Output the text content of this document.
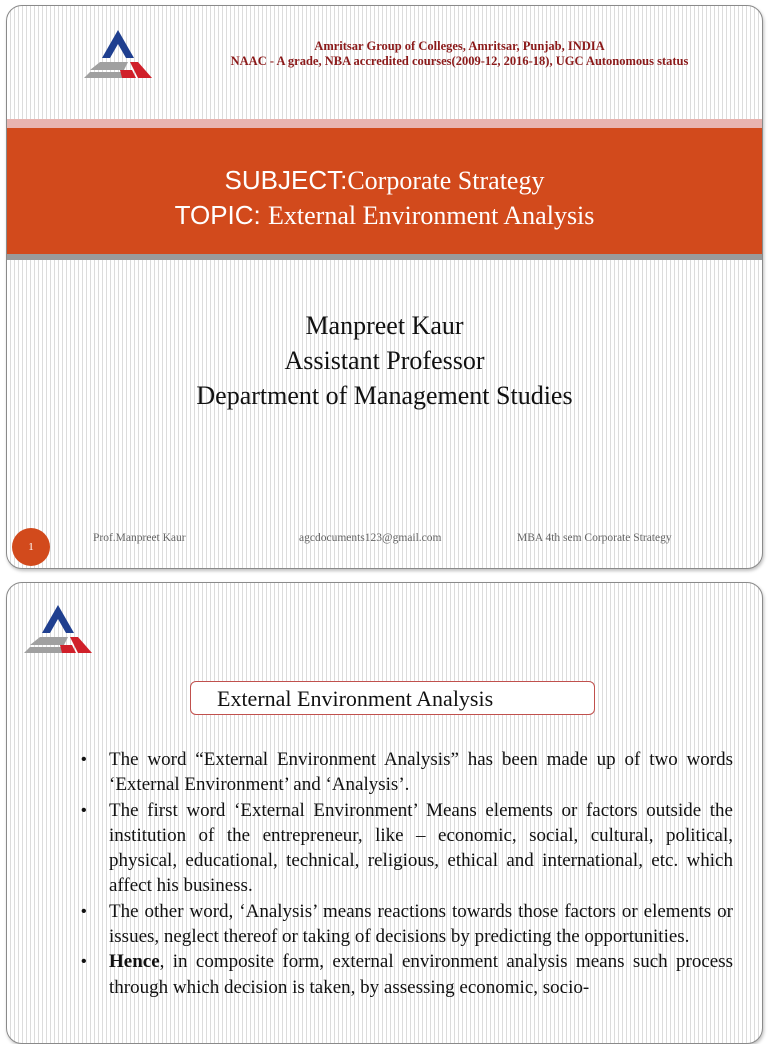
Amritsar Group of Colleges, Amritsar, Punjab, INDIA
NAAC - A grade, NBA accredited courses(2009-12, 2016-18), UGC Autonomous status
SUBJECT:Corporate Strategy
TOPIC: External Environment Analysis
Manpreet Kaur
Assistant Professor
Department of Management Studies
1
Prof.Manpreet Kaur	agcdocuments123@gmail.com	MBA 4th sem Corporate Strategy
External Environment Analysis
• The word “External Environment Analysis” has been made up of two words ‘External Environment’ and ‘Analysis’.
• The first word ‘External Environment’ Means elements or factors outside the institution of the entrepreneur, like – economic, social, cultural, political, physical, educational, technical, religious, ethical and international, etc. which affect his business.
• The other word, ‘Analysis’ means reactions towards those factors or elements or issues, neglect thereof or taking of decisions by predicting the opportunities.
• Hence, in composite form, external environment analysis means such process through which decision is taken, by assessing economic, socio-
